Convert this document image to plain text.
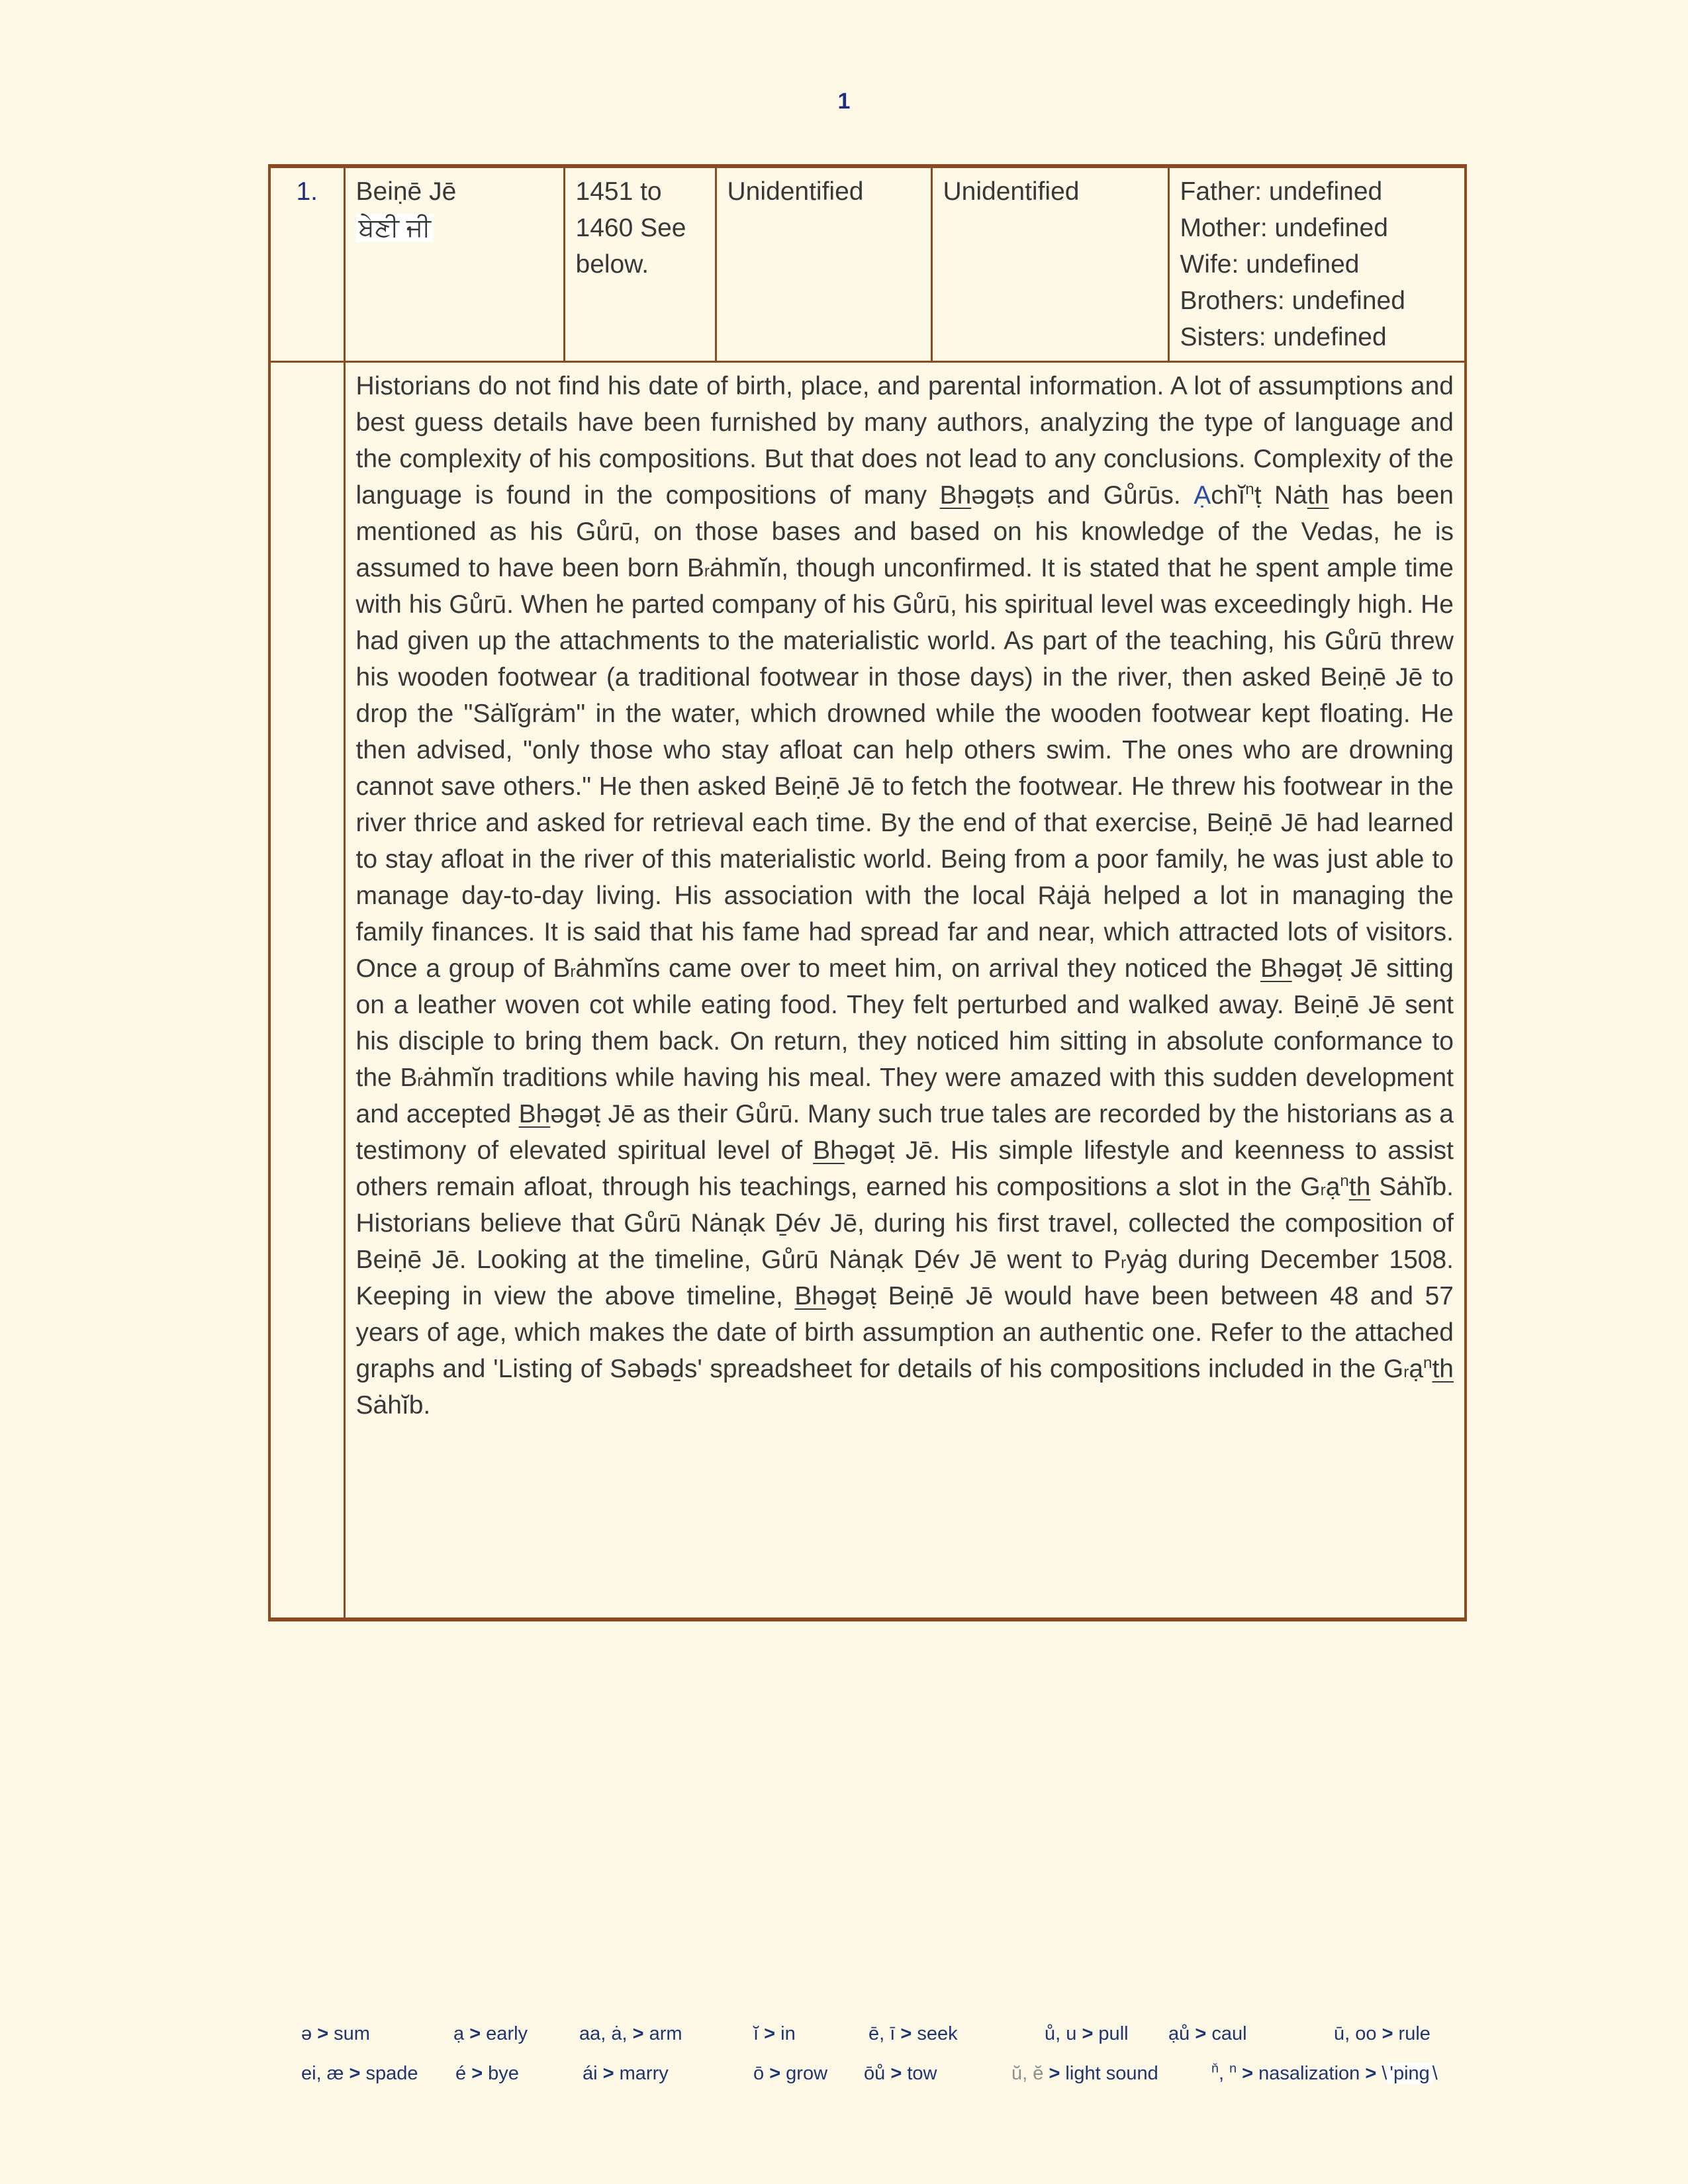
1
1.	Beiṇē Jē
ਬੇਣੀ ਜੀ	1451 to 1460 See below.	Unidentified	Unidentified	Father: undefined
Mother: undefined
Wife: undefined
Brothers: undefined
Sisters: undefined
	Historians do not find his date of birth, place, and parental information. A lot of assumptions and best guess details have been furnished by many authors, analyzing the type of language and the complexity of his compositions. But that does not lead to any conclusions. Complexity of the language is found in the compositions of many Bhəgəṭs and Gůrūs. Ạchĭ$^n$ṭ Nȧth has been mentioned as his Gůrū, on those bases and based on his knowledge of the Vedas, he is assumed to have been born $B_rȧhmĭn$, though unconfirmed. It is stated that he spent ample time with his Gůrū. When he parted company of his Gůrū, his spiritual level was exceedingly high. He had given up the attachments to the materialistic world. As part of the teaching, his Gůrū threw his wooden footwear (a traditional footwear in those days) in the river, then asked Beiṇē Jē to drop the "Sȧlĭgrȧm" in the water, which drowned while the wooden footwear kept floating. He then advised, "only those who stay afloat can help others swim. The ones who are drowning cannot save others." He then asked Beiṇē Jē to fetch the footwear. He threw his footwear in the river thrice and asked for retrieval each time. By the end of that exercise, Beiṇē Jē had learned to stay afloat in the river of this materialistic world. Being from a poor family, he was just able to manage day-to-day living. His association with the local Rȧjȧ helped a lot in managing the family finances. It is said that his fame had spread far and near, which attracted lots of visitors. Once a group of $B_rȧhmĭns$ came over to meet him, on arrival they noticed the Bhəgəṭ Jē sitting on a leather woven cot while eating food. They felt perturbed and walked away. Beiṇē Jē sent his disciple to bring them back. On return, they noticed him sitting in absolute conformance to the $B_rȧhmĭn$ traditions while having his meal. They were amazed with this sudden development and accepted Bhəgəṭ Jē as their Gůrū. Many such true tales are recorded by the historians as a testimony of elevated spiritual level of Bhəgəṭ Jē. His simple lifestyle and keenness to assist others remain afloat, through his teachings, earned his compositions a slot in the $G_rạ^nth$ Sȧhĭb. Historians believe that Gůrū Nȧnạk Ḏév Jē, during his first travel, collected the composition of Beiṇē Jē. Looking at the timeline, Gůrū Nȧnạk Ḏév Jē went to $P_ryȧg$ during December 1508. Keeping in view the above timeline, Bhəgəṭ Beiṇē Jē would have been between 48 and 57 years of age, which makes the date of birth assumption an authentic one. Refer to the attached graphs and 'Listing of Səbəḏs' spreadsheet for details of his compositions included in the $G_rạ^nth$ Sȧhĭb.				
ə > sum	ạ > early	aa, ȧ, > arm	ĭ > in	ē, ī > seek	ů, u > pull ạů > caul	ū, oo > rule
ei, æ > spade é > bye	ái > marry	ō > grow ōů > tow	ŭ, ĕ > light sound	$^ň$, $^n$ > nasalization > \ 'ping \
